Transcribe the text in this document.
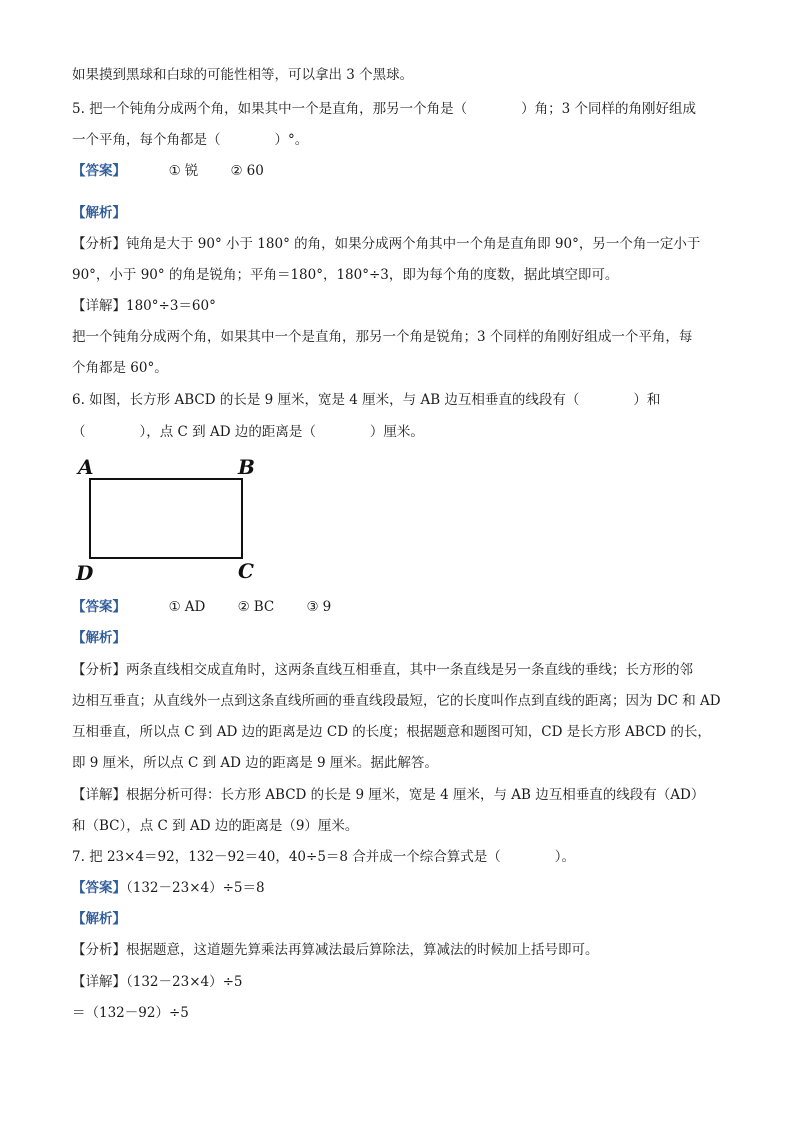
如果摸到黑球和白球的可能性相等，可以拿出 3 个黑球。
5. 把一个钝角分成两个角，如果其中一个是直角，那另一个角是（　　　　）角；3 个同样的角刚好组成
一个平角，每个角都是（　　　　）°。
【答案】	① 锐 ② 60
【解析】
【分析】钝角是大于 90° 小于 180° 的角，如果分成两个角其中一个角是直角即 90°，另一个角一定小于
90°，小于 90° 的角是锐角；平角＝180°，180°÷3，即为每个角的度数，据此填空即可。
【详解】180°÷3＝60°
把一个钝角分成两个角，如果其中一个是直角，那另一个角是锐角；3 个同样的角刚好组成一个平角，每
个角都是 60°。
6. 如图，长方形 ABCD 的长是 9 厘米，宽是 4 厘米，与 AB 边互相垂直的线段有（　　　　）和
（　　　　），点 C 到 AD 边的距离是（　　　　）厘米。
A	B
C
D
【答案】	① AD ② BC ③ 9
【解析】
【分析】两条直线相交成直角时，这两条直线互相垂直，其中一条直线是另一条直线的垂线；长方形的邻
边相互垂直；从直线外一点到这条直线所画的垂直线段最短，它的长度叫作点到直线的距离；因为 DC 和 AD
互相垂直，所以点 C 到 AD 边的距离是边 CD 的长度；根据题意和题图可知，CD 是长方形 ABCD 的长，
即 9 厘米，所以点 C 到 AD 边的距离是 9 厘米。据此解答。
【详解】根据分析可得：长方形 ABCD 的长是 9 厘米，宽是 4 厘米，与 AB 边互相垂直的线段有（AD）
和（BC），点 C 到 AD 边的距离是（9）厘米。
7. 把 23×4＝92，132－92＝40，40÷5＝8 合并成一个综合算式是（　　　　）。
【答案】（132－23×4）÷5＝8
【解析】
【分析】根据题意，这道题先算乘法再算减法最后算除法，算减法的时候加上括号即可。
【详解】（132－23×4）÷5
＝（132－92）÷5
